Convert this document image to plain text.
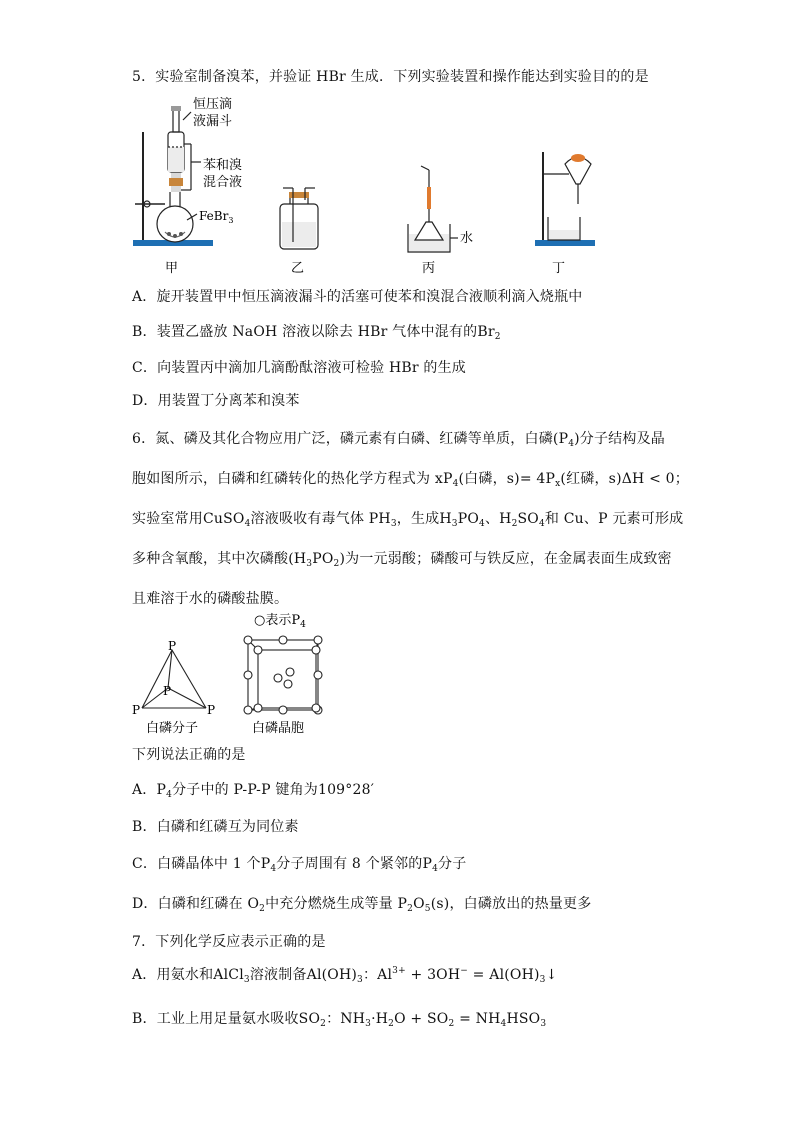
5．实验室制备溴苯，并验证 HBr 生成．下列实验装置和操作能达到实验目的的是
恒压滴
液漏斗
苯和溴
混合液
FeBr$_3$
水
甲	乙	丙	丁
A．旋开装置甲中恒压滴液漏斗的活塞可使苯和溴混合液顺利滴入烧瓶中
B．装置乙盛放 NaOH 溶液以除去 HBr 气体中混有的$Br_2$
C．向装置丙中滴加几滴酚酞溶液可检验 HBr 的生成
D．用装置丁分离苯和溴苯
6．氮、磷及其化合物应用广泛，磷元素有白磷、红磷等单质，白磷$(P_4)$分子结构及晶
胞如图所示，白磷和红磷转化的热化学方程式为 $xP_4$(白磷，$s)= 4P_x$(红磷，s)ΔH < 0；
实验室常用CuSO$_4$溶液吸收有毒气体 $PH_3$，生成$H_3PO_4$、$H_2SO_4$和 Cu、P 元素可形成
多种含氧酸，其中次磷酸$(H_3PO_2)$为一元弱酸；磷酸可与铁反应，在金属表面生成致密
且难溶于水的磷酸盐膜。
P
P
P	P
白磷分子
○表示$P_4$
白磷晶胞
下列说法正确的是
A．$P_4$分子中的 P-P-P 键角为109°28′
B．白磷和红磷互为同位素
C．白磷晶体中 1 个$P_4$分子周围有 8 个紧邻的$P_4$分子
D．白磷和红磷在 $O_2$中充分燃烧生成等量 $P_2O_5(s)$，白磷放出的热量更多
7．下列化学反应表示正确的是
A．用氨水和AlCl$_3$溶液制备$Al(OH)_3$：$Al^{3+} + 3OH^-$ = $Al(OH)_3↓$
B．工业上用足量氨水吸收$SO_2$：$NH_3\cdot H_2O + SO_2 = NH_4HSO_3$
